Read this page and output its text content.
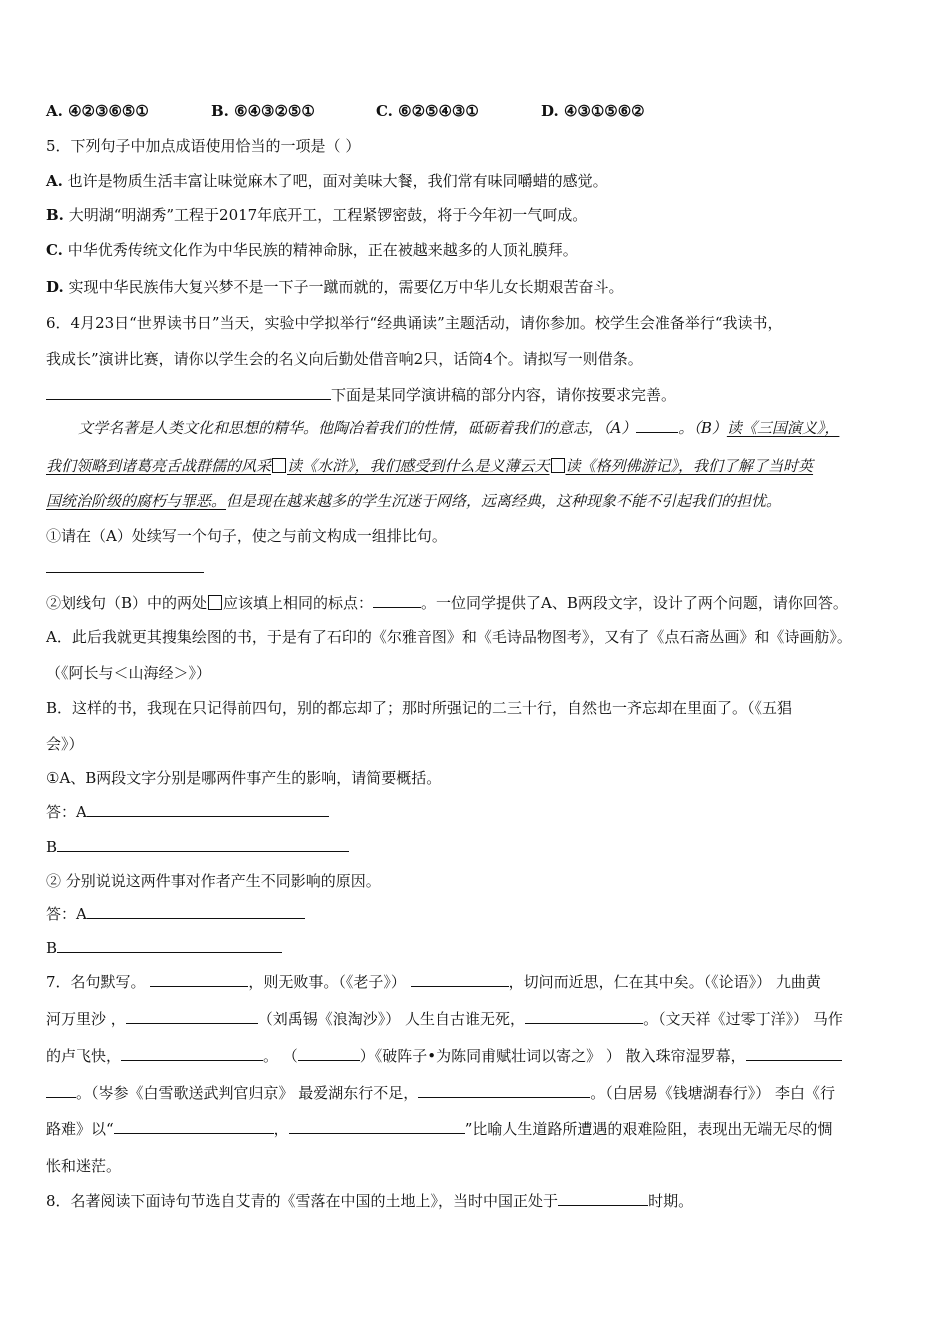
A. ④②③⑥⑤①	B. ⑥④③②⑤①	C. ⑥②⑤④③①	D. ④③①⑤⑥②
5．下列句子中加点成语使用恰当的一项是（ ）
A. 也许是物质生活丰富让味觉麻木了吧，面对美味大餐，我们常有味同嚼蜡的感觉。
B. 大明湖“明湖秀”工程于2017年底开工，工程紧锣密鼓，将于今年初一气呵成。
C. 中华优秀传统文化作为中华民族的精神命脉，正在被越来越多的人顶礼膜拜。
D. 实现中华民族伟大复兴梦不是一下子一蹴而就的，需要亿万中华儿女长期艰苦奋斗。
6．4月23日“世界读书日”当天，实验中学拟举行“经典诵读”主题活动，请你参加。校学生会准备举行“我读书，
我成长”演讲比赛，请你以学生会的名义向后勤处借音响2只，话筒4个。请拟写一则借条。
下面是某同学演讲稿的部分内容，请你按要求完善。
文学名著是人类文化和思想的精华。他陶冶着我们的性情，砥砺着我们的意志，（A）	。（B）读《三国演义》，
我们领略到诸葛亮舌战群儒的风采 读《水浒》，我们感受到什么是义薄云天 读《格列佛游记》，我们了解了当时英
国统治阶级的腐朽与罪恶。但是现在越来越多的学生沉迷于网络，远离经典，这种现象不能不引起我们的担忧。
①请在（A）处续写一个句子，使之与前文构成一组排比句。
②划线句（B）中的两处 应该填上相同的标点：	。一位同学提供了A、B两段文字，设计了两个问题，请你回答。
A．此后我就更其搜集绘图的书，于是有了石印的《尔雅音图》和《毛诗品物图考》，又有了《点石斋丛画》和《诗画舫》。
（《阿长与＜山海经＞》）
B．这样的书，我现在只记得前四句，别的都忘却了；那时所强记的二三十行，自然也一齐忘却在里面了。（《五猖
会》）
①A、B两段文字分别是哪两件事产生的影响，请简要概括。
答：A
B
② 分别说说这两件事对作者产生不同影响的原因。
答：A
B
7．名句默写。	，则无败事。（《老子》）	，切问而近思，仁在其中矣。（《论语》） 九曲黄
河万里沙 ，	（刘禹锡《浪淘沙》） 人生自古谁无死，	。（文天祥《过零丁洋》） 马作
的卢飞快，	。 （	）《破阵子•为陈同甫赋壮词以寄之》 ） 散入珠帘湿罗幕，
。（岑参《白雪歌送武判官归京》 最爱湖东行不足，	。（白居易《钱塘湖春行》） 李白《行
路难》以“	，	”比喻人生道路所遭遇的艰难险阻，表现出无端无尽的惆
怅和迷茫。
8．名著阅读下面诗句节选自艾青的《雪落在中国的土地上》，当时中国正处于	时期。
